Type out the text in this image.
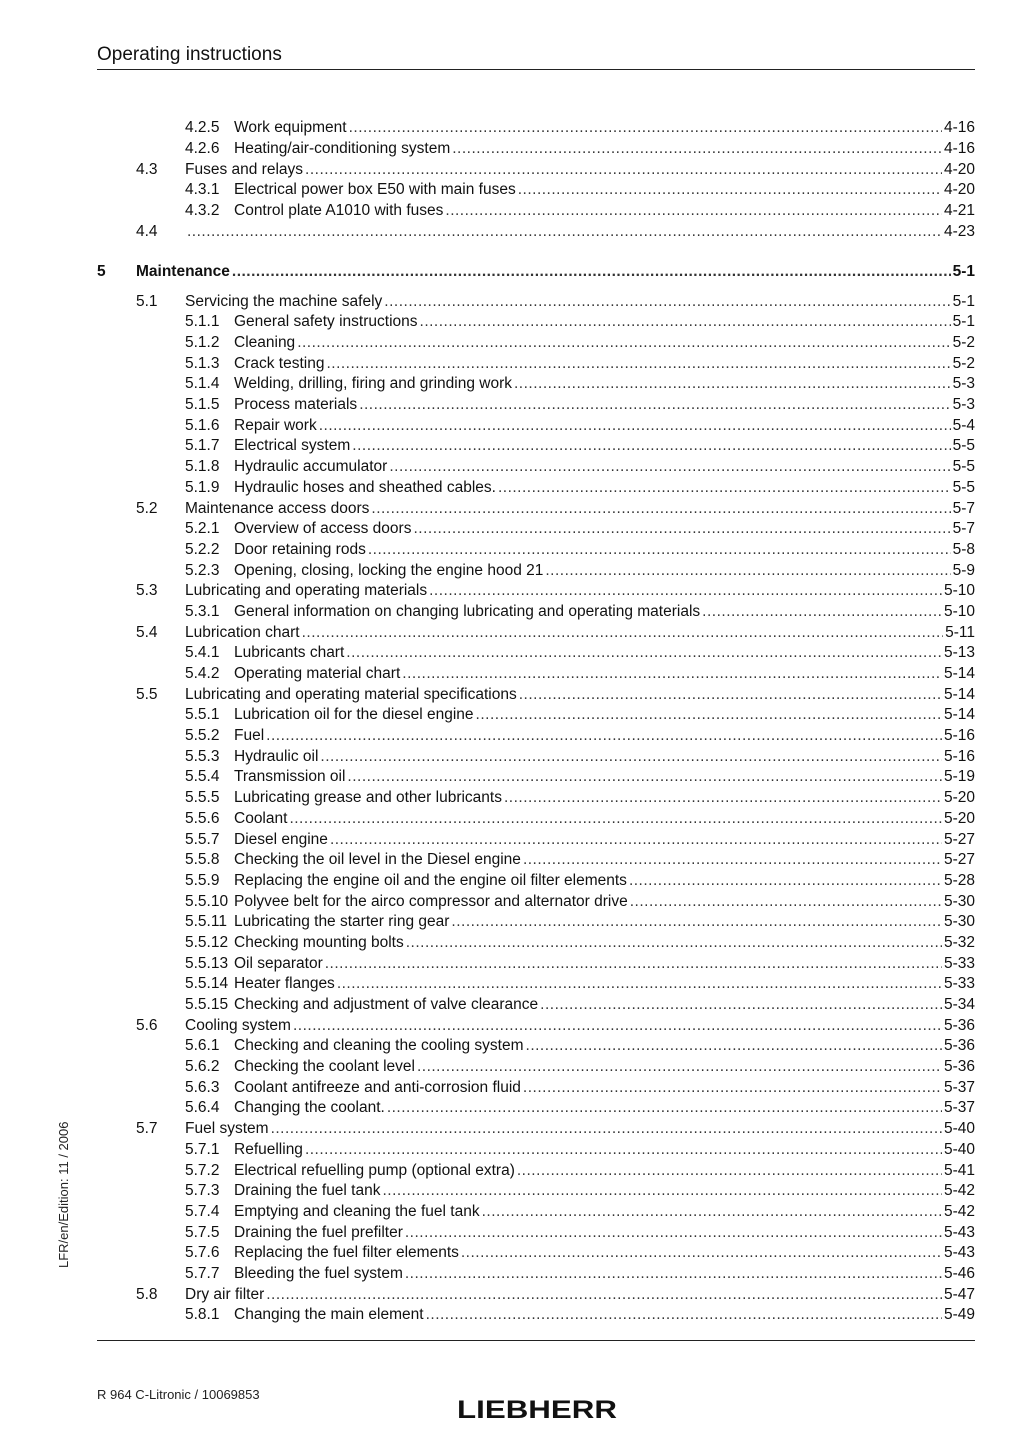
Operating instructions
LFR/en/Edition: 11 / 2006
4.2.5 Work equipment .....	4-16
4.2.6 Heating/air-conditioning system .....	4-16
4.3 Fuses and relays .....	4-20
4.3.1 Electrical power box E50 with main fuses .....	4-20
4.3.2 Control plate A1010 with fuses .....	4-21
4.4 .....	4-23
5 Maintenance .....	5-1
5.1 Servicing the machine safely .....	5-1
5.1.1 General safety instructions .....	5-1
5.1.2 Cleaning .....	5-2
5.1.3 Crack testing .....	5-2
5.1.4 Welding, drilling, firing and grinding work .....	5-3
5.1.5 Process materials .....	5-3
5.1.6 Repair work .....	5-4
5.1.7 Electrical system .....	5-5
5.1.8 Hydraulic accumulator .....	5-5
5.1.9 Hydraulic hoses and sheathed cables. .....	5-5
5.2 Maintenance access doors .....	5-7
5.2.1 Overview of access doors .....	5-7
5.2.2 Door retaining rods .....	5-8
5.2.3 Opening, closing, locking the engine hood 21 .....	5-9
5.3 Lubricating and operating materials .....	5-10
5.3.1 General information on changing lubricating and operating materials .....	5-10
5.4 Lubrication chart .....	5-11
5.4.1 Lubricants chart .....	5-13
5.4.2 Operating material chart .....	5-14
5.5 Lubricating and operating material specifications .....	5-14
5.5.1 Lubrication oil for the diesel engine .....	5-14
5.5.2 Fuel .....	5-16
5.5.3 Hydraulic oil .....	5-16
5.5.4 Transmission oil .....	5-19
5.5.5 Lubricating grease and other lubricants .....	5-20
5.5.6 Coolant .....	5-20
5.5.7 Diesel engine .....	5-27
5.5.8 Checking the oil level in the Diesel engine .....	5-27
5.5.9 Replacing the engine oil and the engine oil filter elements .....	5-28
5.5.10 Polyvee belt for the airco compressor and alternator drive .....	5-30
5.5.11 Lubricating the starter ring gear .....	5-30
5.5.12 Checking mounting bolts .....	5-32
5.5.13 Oil separator .....	5-33
5.5.14 Heater flanges .....	5-33
5.5.15 Checking and adjustment of valve clearance .....	5-34
5.6 Cooling system .....	5-36
5.6.1 Checking and cleaning the cooling system .....	5-36
5.6.2 Checking the coolant level .....	5-36
5.6.3 Coolant antifreeze and anti-corrosion fluid .....	5-37
5.6.4 Changing the coolant. .....	5-37
5.7 Fuel system .....	5-40
5.7.1 Refuelling .....	5-40
5.7.2 Electrical refuelling pump (optional extra) .....	5-41
5.7.3 Draining the fuel tank .....	5-42
5.7.4 Emptying and cleaning the fuel tank .....	5-42
5.7.5 Draining the fuel prefilter .....	5-43
5.7.6 Replacing the fuel filter elements .....	5-43
5.7.7 Bleeding the fuel system .....	5-46
5.8 Dry air filter .....	5-47
5.8.1 Changing the main element .....	5-49
R 964 C-Litronic / 10069853
LIEBHERR
